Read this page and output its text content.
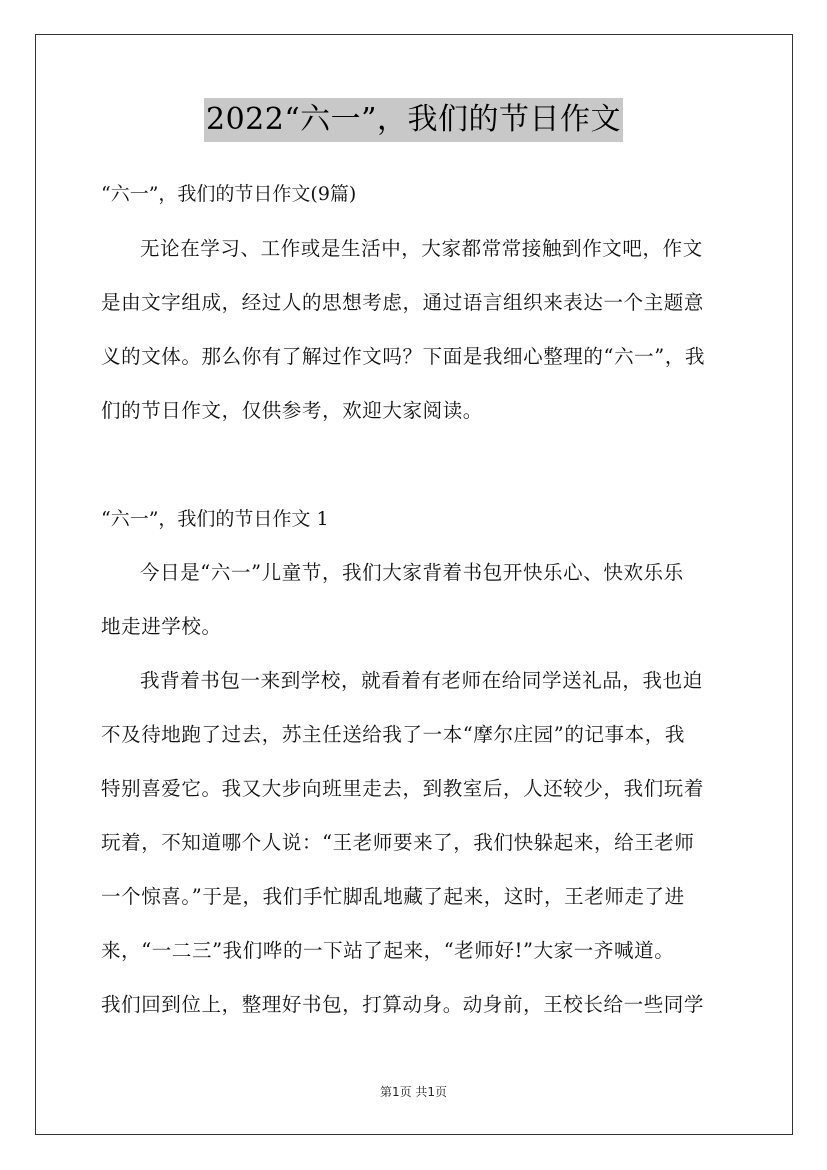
2022“六一”，我们的节日作文
“六一”，我们的节日作文(9篇)
无论在学习、工作或是生活中，大家都常常接触到作文吧，作文
是由文字组成，经过人的思想考虑，通过语言组织来表达一个主题意
义的文体。那么你有了解过作文吗？下面是我细心整理的“六一”，我
们的节日作文，仅供参考，欢迎大家阅读。
“六一”，我们的节日作文 1
今日是“六一”儿童节，我们大家背着书包开快乐心、快欢乐乐
地走进学校。
我背着书包一来到学校，就看着有老师在给同学送礼品，我也迫
不及待地跑了过去，苏主任送给我了一本“摩尔庄园”的记事本，我
特别喜爱它。我又大步向班里走去，到教室后，人还较少，我们玩着
玩着，不知道哪个人说：“王老师要来了，我们快躲起来，给王老师
一个惊喜。”于是，我们手忙脚乱地藏了起来，这时，王老师走了进
来，“一二三”我们哗的一下站了起来，“老师好!”大家一齐喊道。
我们回到位上，整理好书包，打算动身。动身前，王校长给一些同学
第1页 共1页
